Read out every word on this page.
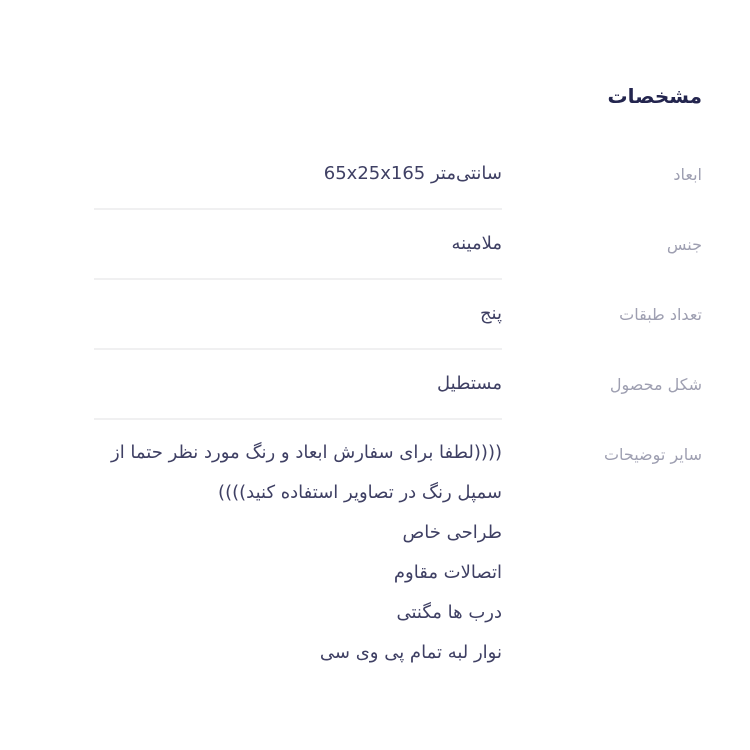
مشخصات
ابعاد
سانتی‌متر 65x25x165
جنس
ملامینه
تعداد طبقات
پنج
شکل محصول
مستطیل
سایر توضیحات
((((لطفا برای سفارش ابعاد و رنگ مورد نظر حتما از سمپل رنگ در تصاویر استفاده کنید))))
طراحی خاص
اتصالات مقاوم
درب ها مگنتی
نوار لبه تمام پی وی سی
